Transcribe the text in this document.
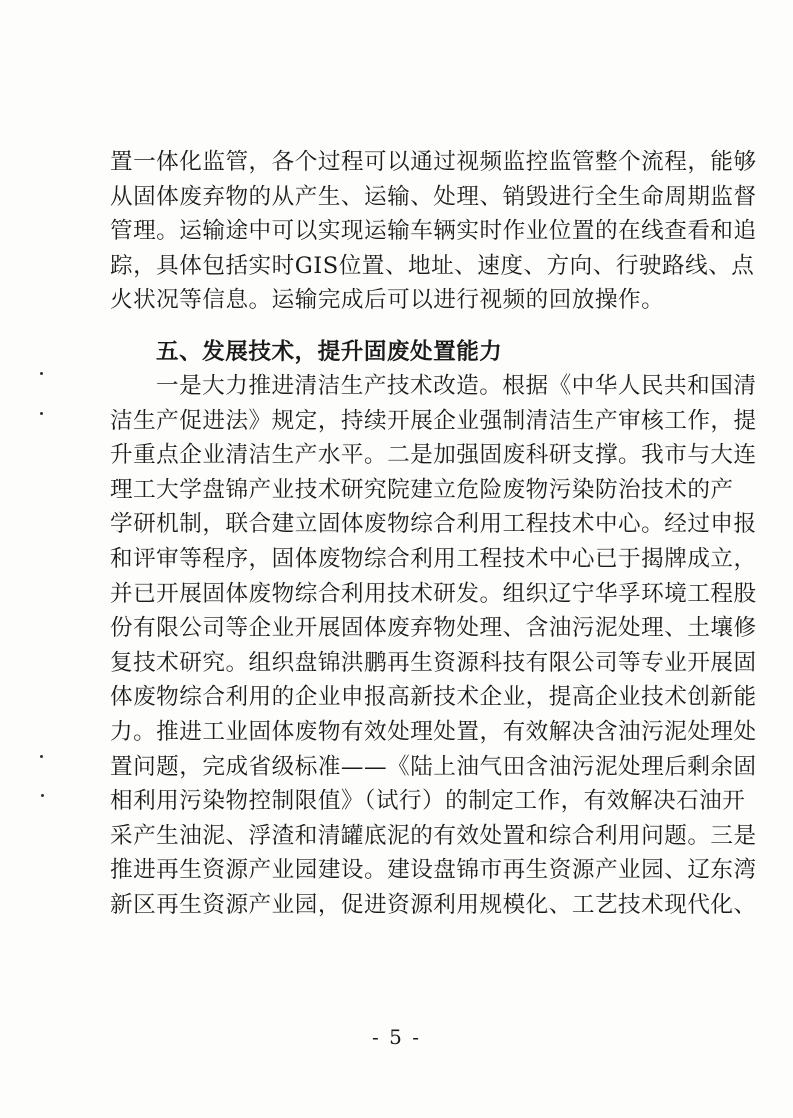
置一体化监管，各个过程可以通过视频监控监管整个流程，能够
从固体废弃物的从产生、运输、处理、销毁进行全生命周期监督
管理。运输途中可以实现运输车辆实时作业位置的在线查看和追
踪，具体包括实时GIS位置、地址、速度、方向、行驶路线、点
火状况等信息。运输完成后可以进行视频的回放操作。
五、发展技术，提升固废处置能力
一是大力推进清洁生产技术改造。根据《中华人民共和国清
洁生产促进法》规定，持续开展企业强制清洁生产审核工作，提
升重点企业清洁生产水平。二是加强固废科研支撑。我市与大连
理工大学盘锦产业技术研究院建立危险废物污染防治技术的产
学研机制，联合建立固体废物综合利用工程技术中心。经过申报
和评审等程序，固体废物综合利用工程技术中心已于揭牌成立，
并已开展固体废物综合利用技术研发。组织辽宁华孚环境工程股
份有限公司等企业开展固体废弃物处理、含油污泥处理、土壤修
复技术研究。组织盘锦洪鹏再生资源科技有限公司等专业开展固
体废物综合利用的企业申报高新技术企业，提高企业技术创新能
力。推进工业固体废物有效处理处置，有效解决含油污泥处理处
置问题，完成省级标准——《陆上油气田含油污泥处理后剩余固
相利用污染物控制限值》（试行）的制定工作，有效解决石油开
采产生油泥、浮渣和清罐底泥的有效处置和综合利用问题。三是
推进再生资源产业园建设。建设盘锦市再生资源产业园、辽东湾
新区再生资源产业园，促进资源利用规模化、工艺技术现代化、
- 5 -
